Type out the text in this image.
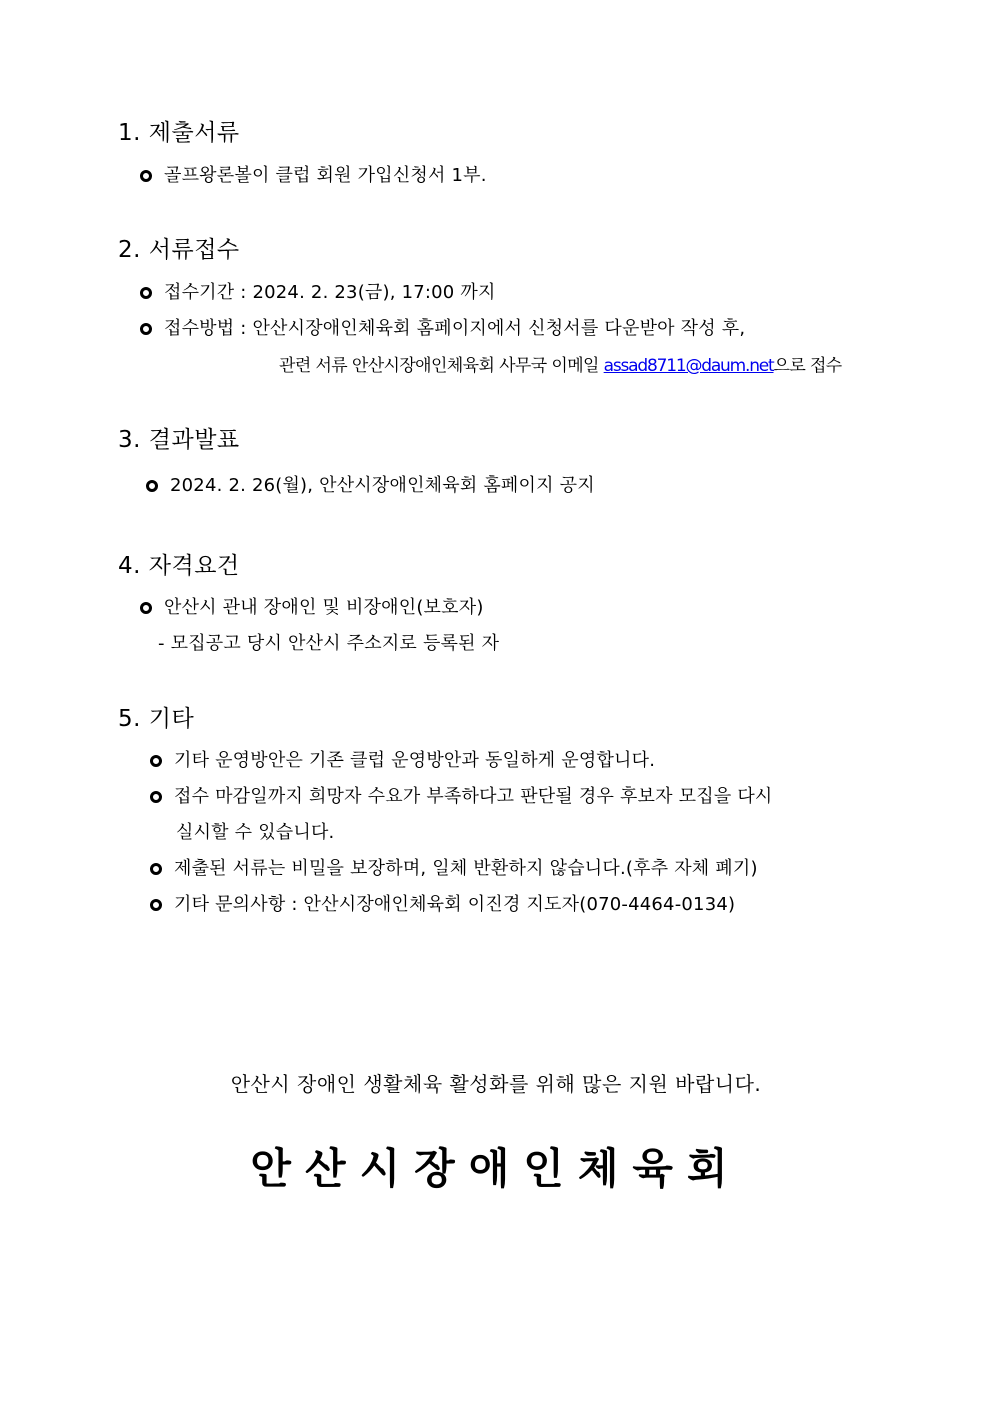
1. 제출서류
골프왕론볼이 클럽 회원 가입신청서 1부.
2. 서류접수
접수기간 : 2024. 2. 23(금), 17:00 까지
접수방법 : 안산시장애인체육회 홈페이지에서 신청서를 다운받아 작성 후,
관련 서류 안산시장애인체육회 사무국 이메일 assad8711@daum.net으로 접수
3. 결과발표
2024. 2. 26(월), 안산시장애인체육회 홈페이지 공지
4. 자격요건
안산시 관내 장애인 및 비장애인(보호자)
- 모집공고 당시 안산시 주소지로 등록된 자
5. 기타
기타 운영방안은 기존 클럽 운영방안과 동일하게 운영합니다.
접수 마감일까지 희망자 수요가 부족하다고 판단될 경우 후보자 모집을 다시
실시할 수 있습니다.
제출된 서류는 비밀을 보장하며, 일체 반환하지 않습니다.(후추 자체 폐기)
기타 문의사항 : 안산시장애인체육회 이진경 지도자(070-4464-0134)
안산시 장애인 생활체육 활성화를 위해 많은 지원 바랍니다.
안산시장애인체육회
